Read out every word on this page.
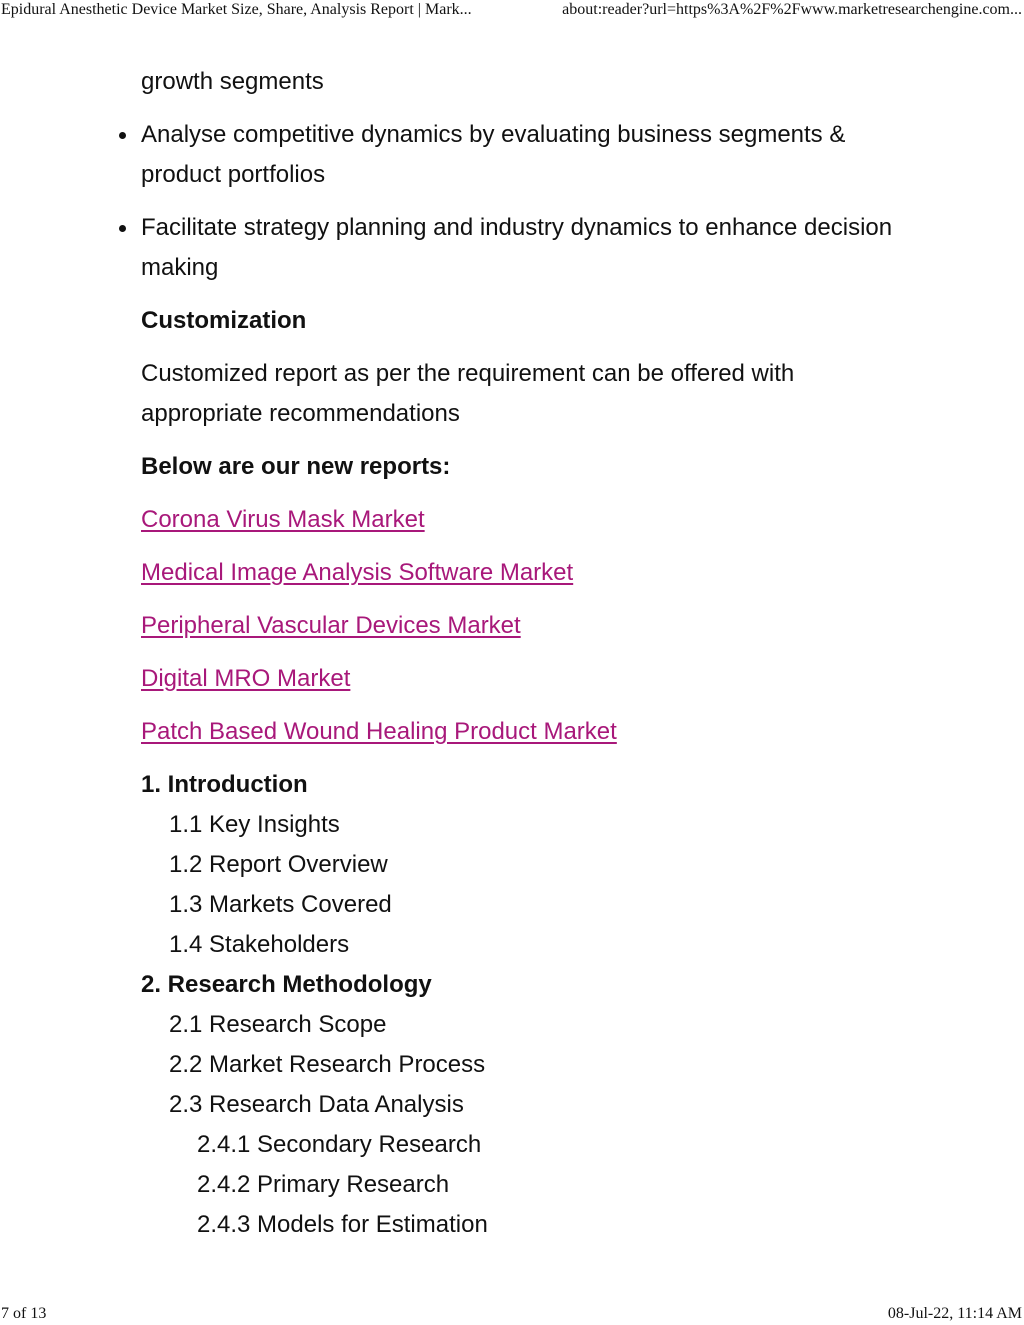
Epidural Anesthetic Device Market Size, Share, Analysis Report | Mark...	about:reader?url=https%3A%2F%2Fwww.marketresearchengine.com...

growth segments

Analyse competitive dynamics by evaluating business segments & product portfolios
Facilitate strategy planning and industry dynamics to enhance decision making

Customization

Customized report as per the requirement can be offered with appropriate recommendations

Below are our new reports:

Corona Virus Mask Market
Medical Image Analysis Software Market
Peripheral Vascular Devices Market
Digital MRO Market
Patch Based Wound Healing Product Market
1. Introduction
1.1 Key Insights
1.2 Report Overview
1.3 Markets Covered
1.4 Stakeholders
2. Research Methodology
2.1 Research Scope
2.2 Market Research Process
2.3 Research Data Analysis
2.4.1 Secondary Research
2.4.2 Primary Research
2.4.3 Models for Estimation
7 of 13	08-Jul-22, 11:14 AM
